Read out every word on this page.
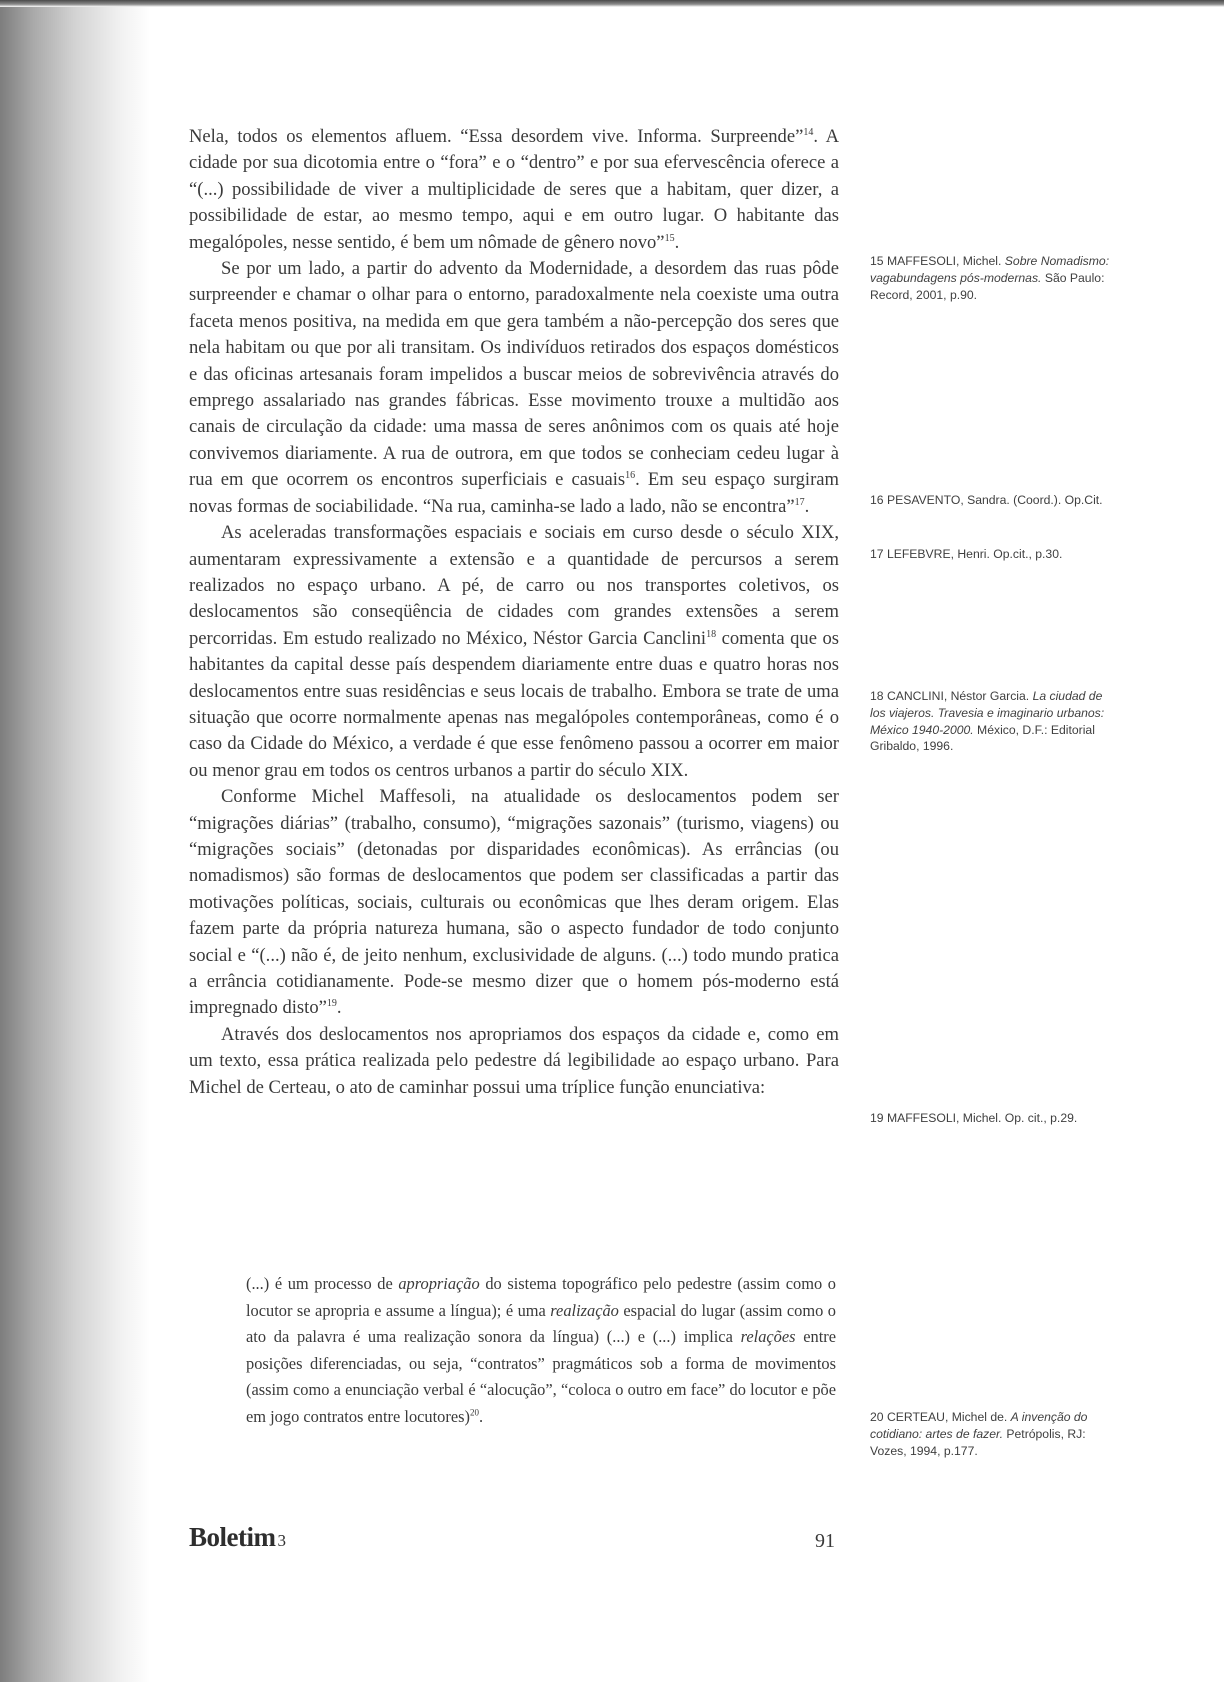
Nela, todos os elementos afluem. “Essa desordem vive. Informa. Surpreende”$^{14}$. A cidade por sua dicotomia entre o “fora” e o “dentro” e por sua efervescência oferece a “(...) possibilidade de viver a multiplicidade de seres que a habitam, quer dizer, a possibilidade de estar, ao mesmo tempo, aqui e em outro lugar. O habitante das megalópoles, nesse sentido, é bem um nômade de gênero novo”$^{15}$.

Se por um lado, a partir do advento da Modernidade, a desordem das ruas pôde surpreender e chamar o olhar para o entorno, paradoxalmente nela coexiste uma outra faceta menos positiva, na medida em que gera também a não-percepção dos seres que nela habitam ou que por ali transitam. Os indivíduos retirados dos espaços domésticos e das oficinas artesanais foram impelidos a buscar meios de sobrevivência através do emprego assalariado nas grandes fábricas. Esse movimento trouxe a multidão aos canais de circulação da cidade: uma massa de seres anônimos com os quais até hoje convivemos diariamente. A rua de outrora, em que todos se conheciam cedeu lugar à rua em que ocorrem os encontros superficiais e casuais$^{16}$. Em seu espaço surgiram novas formas de sociabilidade. “Na rua, caminha-se lado a lado, não se encontra”$^{17}$.

As aceleradas transformações espaciais e sociais em curso desde o século XIX, aumentaram expressivamente a extensão e a quantidade de percursos a serem realizados no espaço urbano. A pé, de carro ou nos transportes coletivos, os deslocamentos são conseqüência de cidades com grandes extensões a serem percorridas. Em estudo realizado no México, Néstor Garcia Canclini$^{18}$ comenta que os habitantes da capital desse país despendem diariamente entre duas e quatro horas nos deslocamentos entre suas residências e seus locais de trabalho. Embora se trate de uma situação que ocorre normalmente apenas nas megalópoles contemporâneas, como é o caso da Cidade do México, a verdade é que esse fenômeno passou a ocorrer em maior ou menor grau em todos os centros urbanos a partir do século XIX.

Conforme Michel Maffesoli, na atualidade os deslocamentos podem ser “migrações diárias” (trabalho, consumo), “migrações sazonais” (turismo, viagens) ou “migrações sociais” (detonadas por disparidades econômicas). As errâncias (ou nomadismos) são formas de deslocamentos que podem ser classificadas a partir das motivações políticas, sociais, culturais ou econômicas que lhes deram origem. Elas fazem parte da própria natureza humana, são o aspecto fundador de todo conjunto social e “(...) não é, de jeito nenhum, exclusividade de alguns. (...) todo mundo pratica a errância cotidianamente. Pode-se mesmo dizer que o homem pós-moderno está impregnado disto”$^{19}$.

Através dos deslocamentos nos apropriamos dos espaços da cidade e, como em um texto, essa prática realizada pelo pedestre dá legibilidade ao espaço urbano. Para Michel de Certeau, o ato de caminhar possui uma tríplice função enunciativa:

(...) é um processo de apropriação do sistema topográfico pelo pedestre (assim como o locutor se apropria e assume a língua); é uma realização espacial do lugar (assim como o ato da palavra é uma realização sonora da língua) (...) e (...) implica relações entre posições diferenciadas, ou seja, “contratos” pragmáticos sob a forma de movimentos (assim como a enunciação verbal é “alocução”, “coloca o outro em face” do locutor e põe em jogo contratos entre locutores)$^{20}$.
15 MAFFESOLI, Michel. Sobre Nomadismo: vagabundagens pós-modernas. São Paulo: Record, 2001, p.90.
16 PESAVENTO, Sandra. (Coord.). Op.Cit.
17 LEFEBVRE, Henri. Op.cit., p.30.
18 CANCLINI, Néstor Garcia. La ciudad de los viajeros. Travesia e imaginario urbanos: México 1940-2000. México, D.F.: Editorial Gribaldo, 1996.
19 MAFFESOLI, Michel. Op. cit., p.29.
20 CERTEAU, Michel de. A invenção do cotidiano: artes de fazer. Petrópolis, RJ: Vozes, 1994, p.177.
Boletim 3	91
